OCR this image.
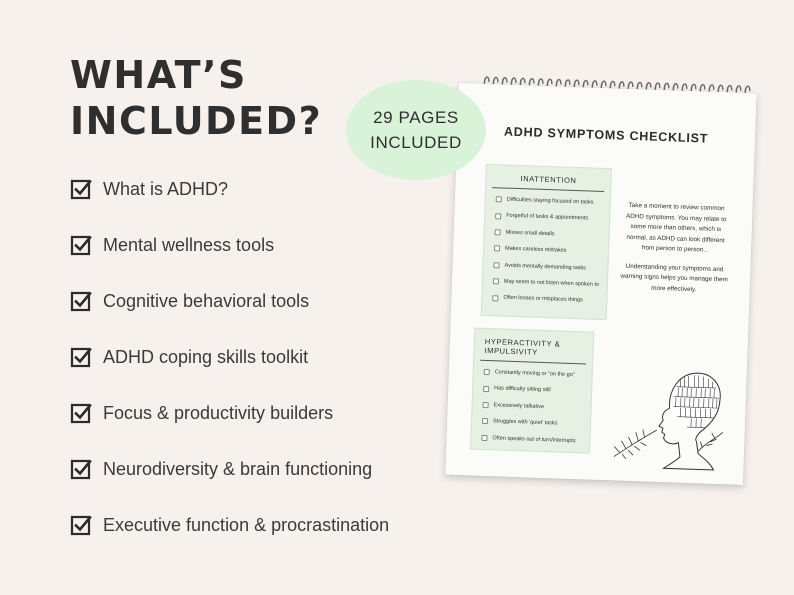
WHAT’S
INCLUDED?
What is ADHD?
Mental wellness tools
Cognitive behavioral tools
ADHD coping skills toolkit
Focus & productivity builders
Neurodiversity & brain functioning
Executive function & procrastination
ADHD SYMPTOMS CHECKLIST
INATTENTION
Difficulties staying focused on tasks
Forgetful of tasks & appointments
Misses small details
Makes careless mistakes
Avoids mentally demanding tasks
May seem to not listen when spoken to
Often looses or misplaces things
HYPERACTIVITY & IMPULSIVITY
Constantly moving or "on the go"
Has difficulty sitting still
Excessively talkative
Struggles with 'quiet' tasks
Often speaks out of turn/interrupts

Take a moment to review common ADHD symptoms. You may relate to some more than others, which is normal, as ADHD can look different from person to person...

Understanding your symptoms and warning signs helps you manage them more effectively.

29 PAGES
INCLUDED
